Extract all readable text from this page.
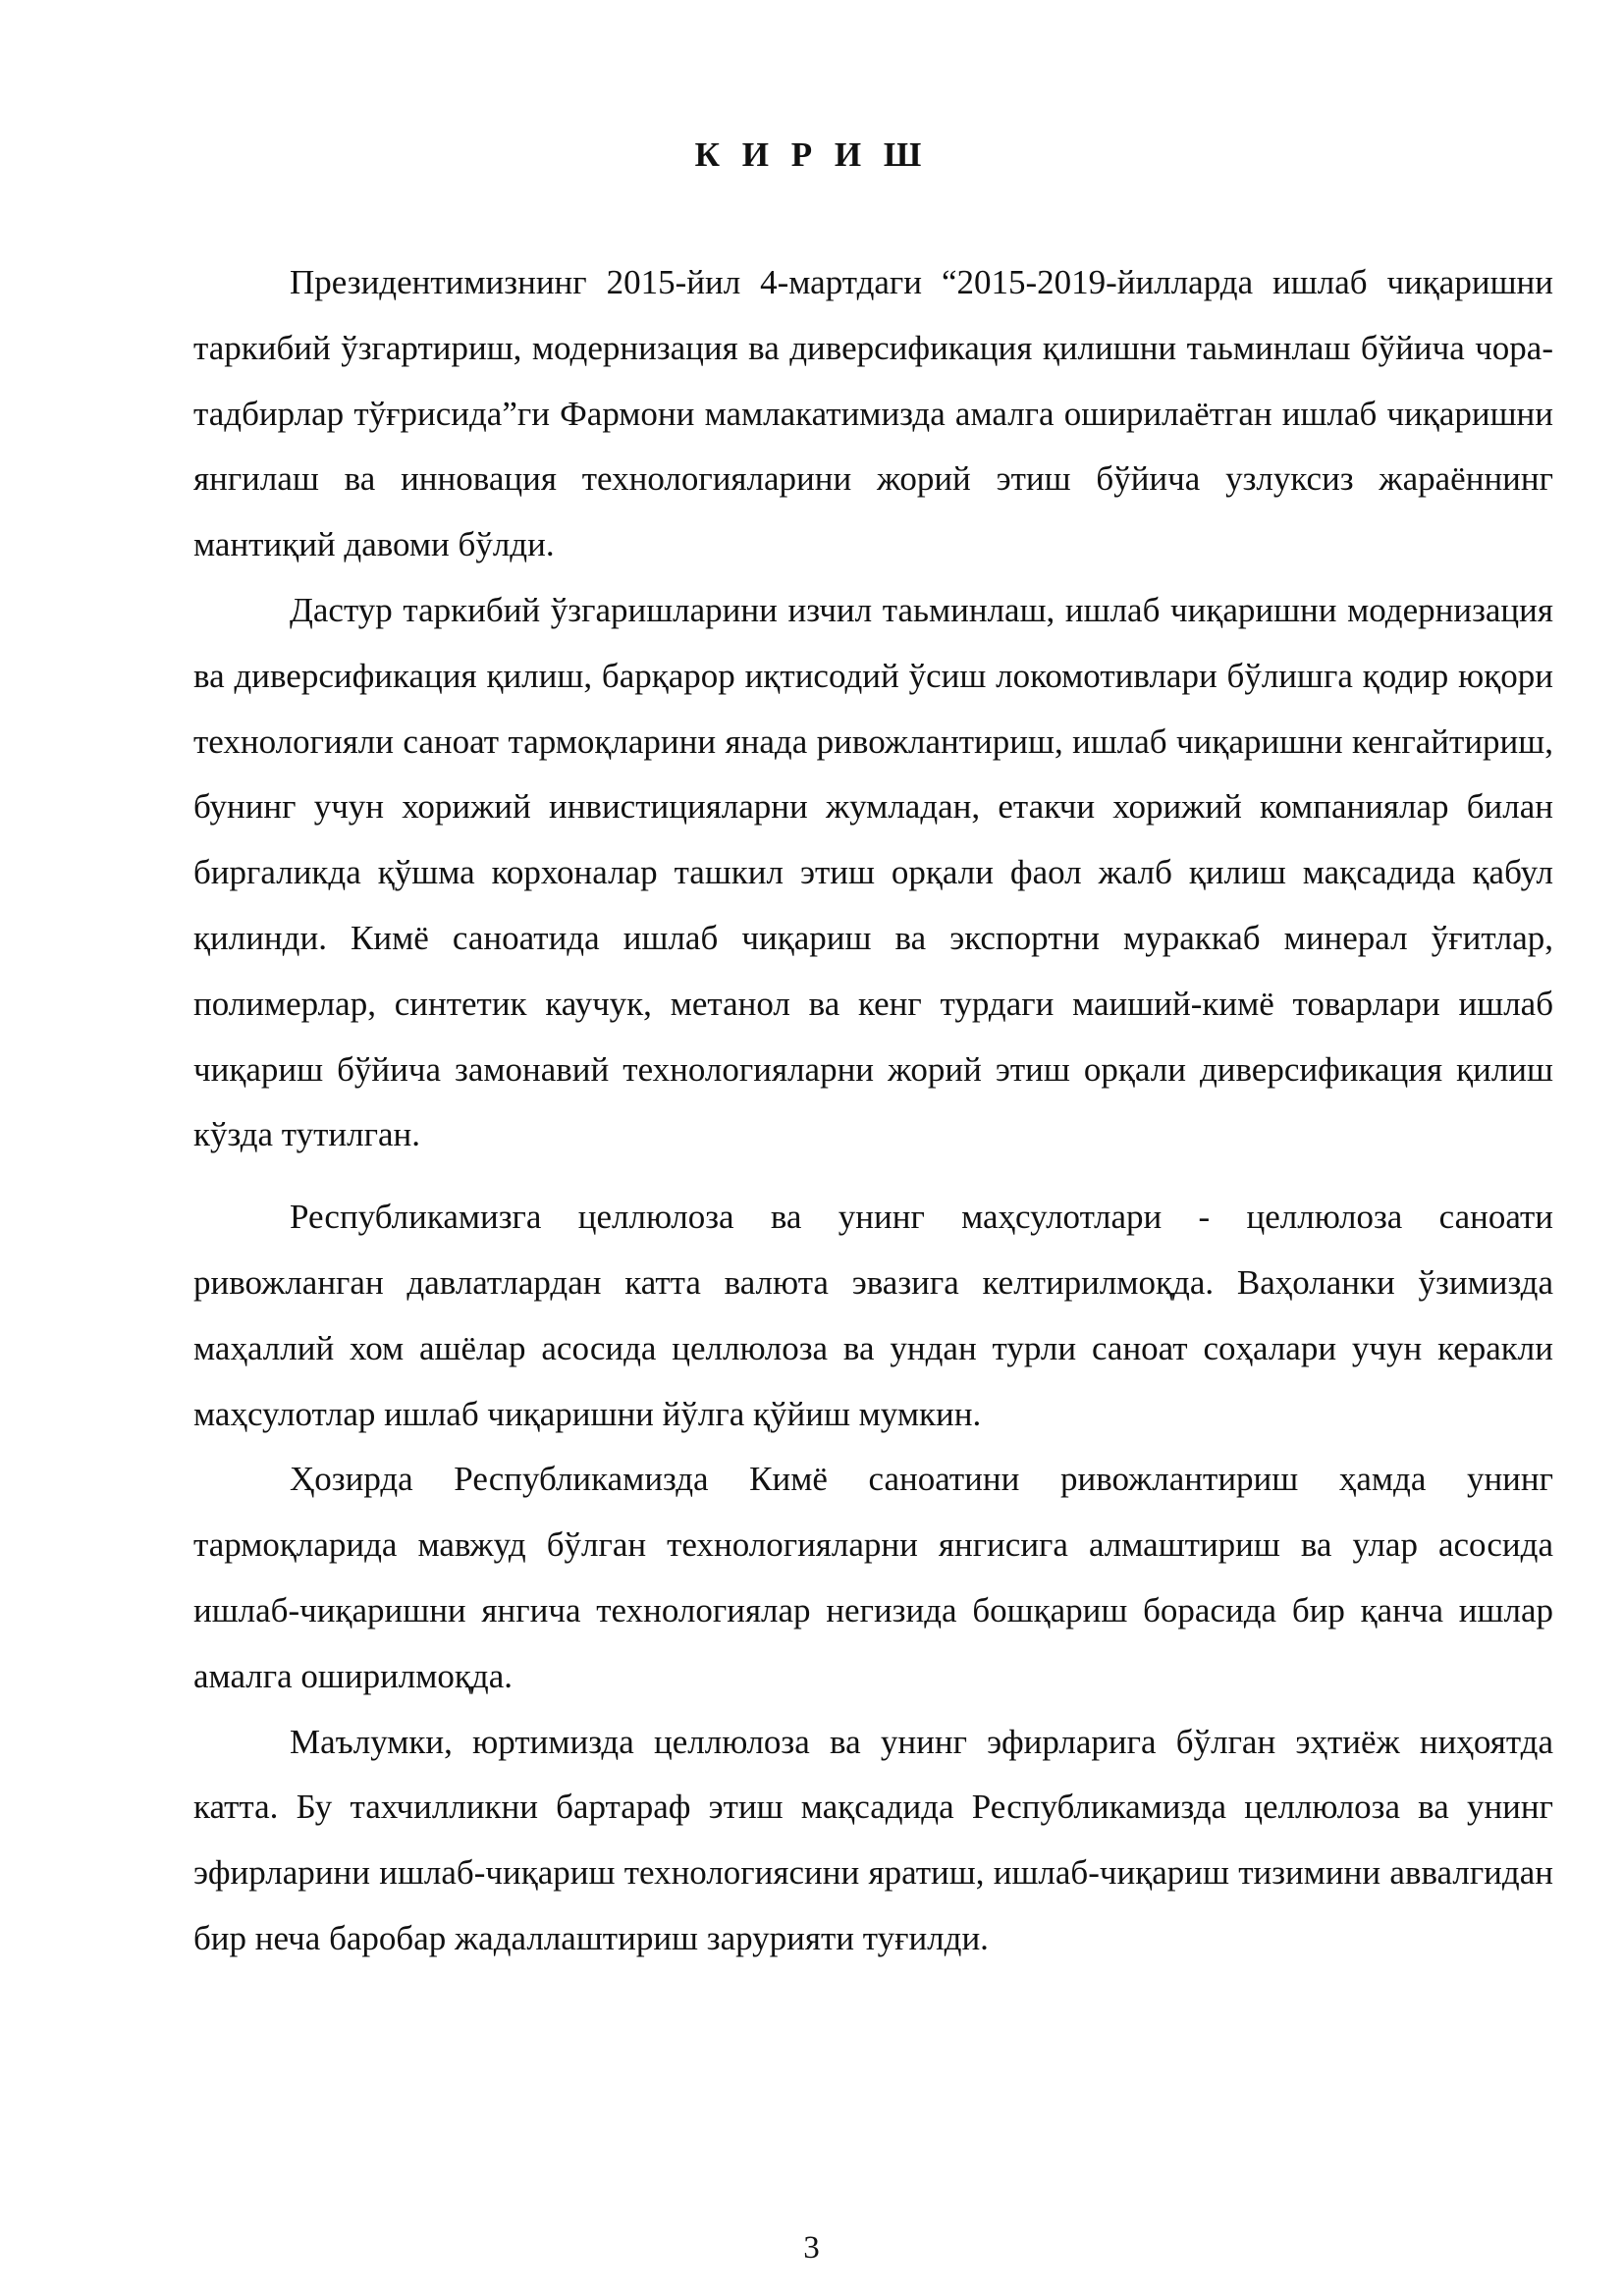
К И Р И Ш

Президентимизнинг 2015-йил 4-мартдаги “2015-2019-йилларда ишлаб чиқаришни таркибий ўзгартириш, модернизация ва диверсификация қилишни таьминлаш бўйича чора-тадбирлар тўғрисида”ги Фармони мамлакатимизда амалга оширилаётган ишлаб чиқаришни янгилаш ва инновация технологияларини жорий этиш бўйича узлуксиз жараённинг мантиқий давоми бўлди.

Дастур таркибий ўзгаришларини изчил таьминлаш, ишлаб чиқаришни модернизация ва диверсификация қилиш, барқарор иқтисодий ўсиш локомотивлари бўлишга қодир юқори технологияли саноат тармоқларини янада ривожлантириш, ишлаб чиқаришни кенгайтириш, бунинг учун хорижий инвистицияларни жумладан, етакчи хорижий компаниялар билан биргаликда қўшма корхоналар ташкил этиш орқали фаол жалб қилиш мақсадида қабул қилинди. Кимё саноатида ишлаб чиқариш ва экспортни мураккаб минерал ўғитлар, полимерлар, синтетик каучук, метанол ва кенг турдаги маиший-кимё товарлари ишлаб чиқариш бўйича замонавий технологияларни жорий этиш орқали диверсификация қилиш кўзда тутилган.

Республикамизга целлюлоза ва унинг маҳсулотлари - целлюлоза саноати ривожланган давлатлардан катта валюта эвазига келтирилмоқда. Ваҳоланки ўзимизда маҳаллий хом ашёлар асосида целлюлоза ва ундан турли саноат соҳалари учун керакли маҳсулотлар ишлаб чиқаришни йўлга қўйиш мумкин.

Ҳозирда Республикамизда Кимё саноатини ривожлантириш ҳамда унинг тармоқларида мавжуд бўлган технологияларни янгисига алмаштириш ва улар асосида ишлаб-чиқаришни янгича технологиялар негизида бошқариш борасида бир қанча ишлар амалга оширилмоқда.

Маълумки, юртимизда целлюлоза ва унинг эфирларига бўлган эҳтиёж ниҳоятда катта. Бу тахчилликни бартараф этиш мақсадида Республикамизда целлюлоза ва унинг эфирларини ишлаб-чиқариш технологиясини яратиш, ишлаб-чиқариш тизимини аввалгидан бир неча баробар жадаллаштириш зарурияти туғилди.

3
